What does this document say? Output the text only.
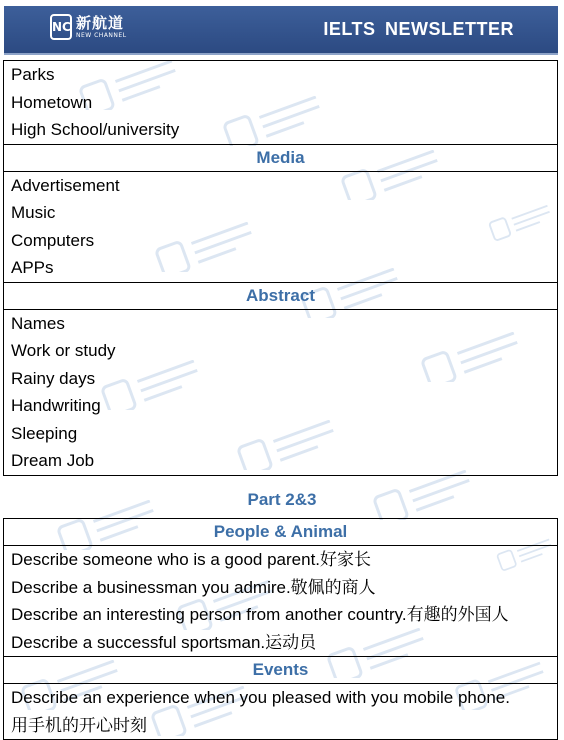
NC 新航道
NEW CHANNEL	IELTS NEWSLETTER
Parks
Hometown
High School/university

Media

Advertisement
Music
Computers
APPs

Abstract

Names
Work or study
Rainy days
Handwriting
Sleeping
Dream Job
Part 2&3
People & Animal

Describe someone who is a good parent.好家长
Describe a businessman you admire.敬佩的商人
Describe an interesting person from another country.有趣的外国人
Describe a successful sportsman.运动员

Events

Describe an experience when you pleased with you mobile phone.
用手机的开心时刻
